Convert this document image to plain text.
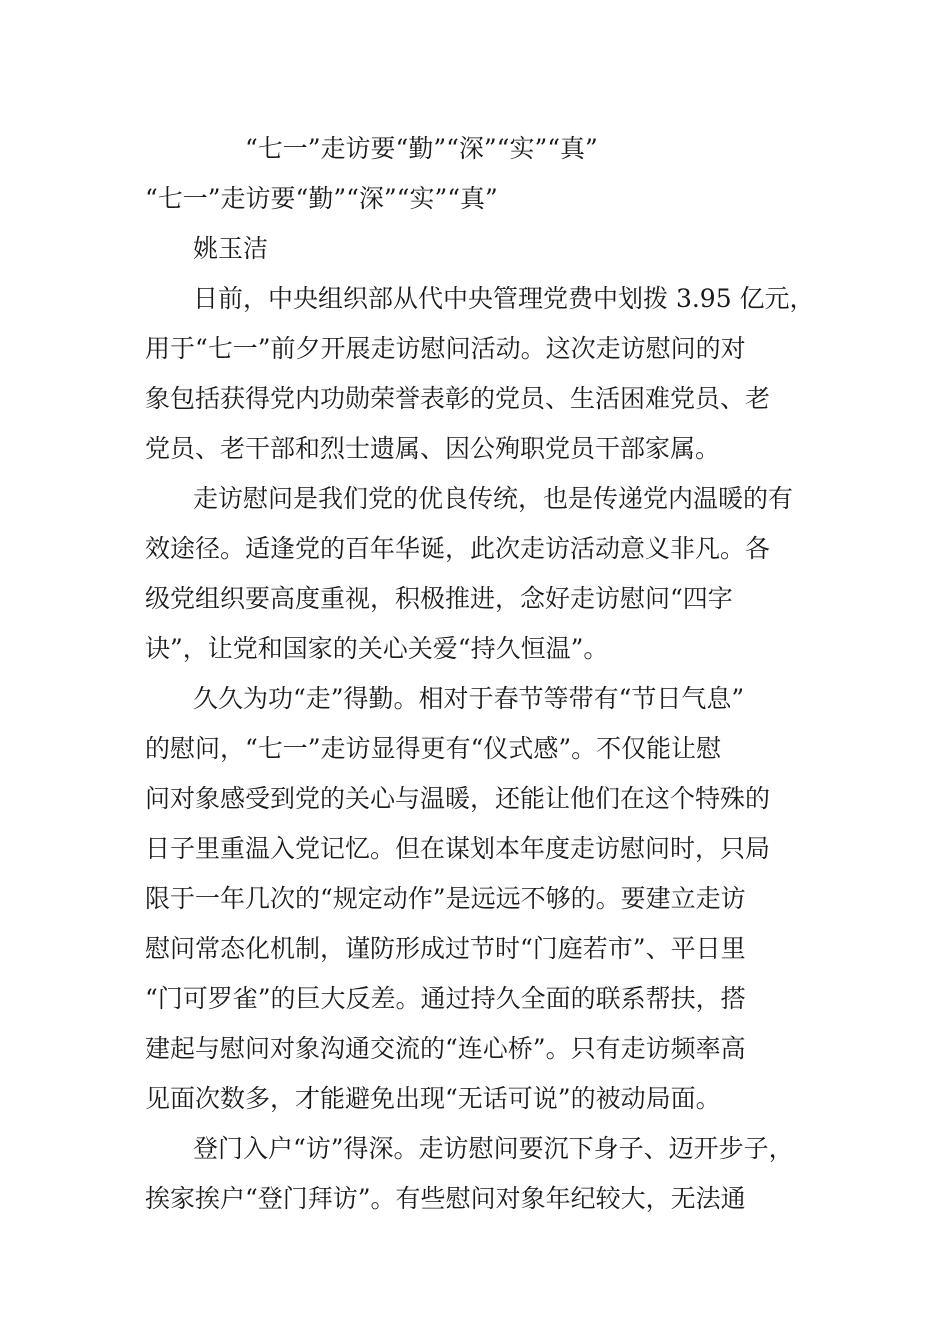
“七一”走访要“勤”“深”“实”“真”
“七一”走访要“勤”“深”“实”“真”
姚玉洁
日前，中央组织部从代中央管理党费中划拨 3.95 亿元，
用于“七一”前夕开展走访慰问活动。这次走访慰问的对
象包括获得党内功勋荣誉表彰的党员、生活困难党员、老
党员、老干部和烈士遗属、因公殉职党员干部家属。
走访慰问是我们党的优良传统，也是传递党内温暖的有
效途径。适逢党的百年华诞，此次走访活动意义非凡。各
级党组织要高度重视，积极推进，念好走访慰问“四字
诀”，让党和国家的关心关爱“持久恒温”。
久久为功“走”得勤。相对于春节等带有“节日气息”
的慰问，“七一”走访显得更有“仪式感”。不仅能让慰
问对象感受到党的关心与温暖，还能让他们在这个特殊的
日子里重温入党记忆。但在谋划本年度走访慰问时，只局
限于一年几次的“规定动作”是远远不够的。要建立走访
慰问常态化机制，谨防形成过节时“门庭若市”、平日里
“门可罗雀”的巨大反差。通过持久全面的联系帮扶，搭
建起与慰问对象沟通交流的“连心桥”。只有走访频率高
见面次数多，才能避免出现“无话可说”的被动局面。
登门入户“访”得深。走访慰问要沉下身子、迈开步子，
挨家挨户“登门拜访”。有些慰问对象年纪较大，无法通
